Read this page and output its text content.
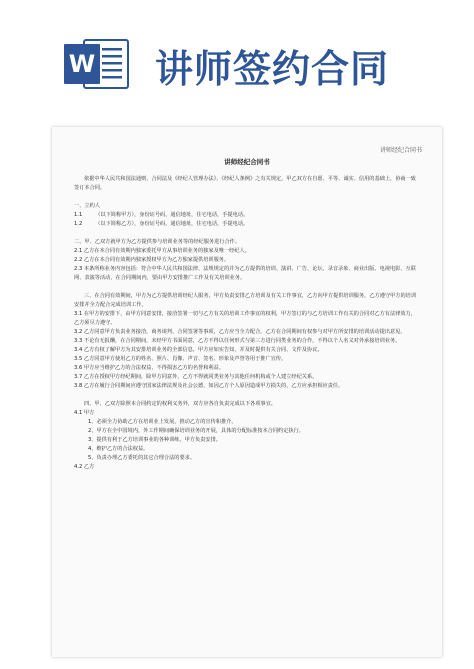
W 讲师签约合同
讲师经纪合同书
讲师经纪合同书

依据中华人民共和国法通则、合同法及《经纪人管理办法》、《经纪人条例》之有关规定，甲乙双方在自愿、平等、诚实、信用的基础上，协商一致签订本合同。

一、立约人

1.1　　　（以下简称甲方），身份证号码，通信地址，住宅电话，手提电话。

1.2　　　（以下简称乙方），身份证号码，通信地址，住宅电话，手提电话。

二、甲、乙双方就甲方为乙方提供参与培训业务等的经纪服务进行合作。

2.1 乙方在本合同有效期内独家委托甲方从事培训业务的独家及唯一经纪人。

2.2 乙方在本合同有效期内独家授权甲方为乙方独家提供培训服务。

2.3 本条所称业务内容包括：符合中华人民共和国法律、法规规定的并为乙方提供的培训、演讲、广告、论坛、录音录象、商业出版、电视电影、互联网、表演等活动，在合同期间内，要由甲方安排推广工作及有关培训业务。

三、在合同有效期间，甲方为乙方提供培训经纪人服务，甲方负责安排乙方培训及有关工作事宜，乙方向甲方提供培训服务，乙方遵守甲方的培训安排并全力配合完成培训工作。

3.1 在甲方的安排下，由甲方同意安排，接洽签署一切与乙方有关的培训工作事宜的权利，甲方签订的与乙方培训工作有关的合同对乙方有法律效力，乙方须尽力遵守。

3.2 乙方同意甲方负责业务接洽，商务谈判、合同签署等事项，乙方应当全力配合。乙方在合同期间有权参与对甲方所安排的培训活动提出意见。

3.3 不论有无报酬，在合同期间，未经甲方书面同意，乙方不得以任何形式与第三方进行同类业务的合作，不得以个人名义对外承接培训业务。

3.4 乙方有权了解甲方为其安排培训业务的全部信息，甲方应如实告知，并及时提供有关合同、文件及协议。

3.5 乙方同意甲方使用乙方的姓名、照片、肖像、声音、签名、形象及声誉等用于推广宣传。

3.6 甲方应当维护乙方的合法权益，不得损害乙方的名誉和利益。

3.7 乙方在授权甲方经纪期间，除甲方同意外，乙方不得就同类业务与其他任何机构或个人建立经纪关系。

3.8 乙方在履行合同期间应遵守国家法律法规及社会公德，如因乙方个人原因造成甲方损失的，乙方应承担相应责任。

四、甲、乙双方除照本合同约定的权利义务外，双方应各自负责完成以下各项事宜。

4.1 甲方

1、必须全力协助乙方在培训业上发展，推动乙方的宣传和推介。

2、甲方在全中国境内，外工作期间确保培训业务的开展，具体的分配标准按本合同约定执行。

3、提供有利于乙方培训事业的各种训练，甲方负责安排。

4、维护乙方的合法权益。

5、负责办理乙方委托的其它合理合法的要求。

4.2 乙方
